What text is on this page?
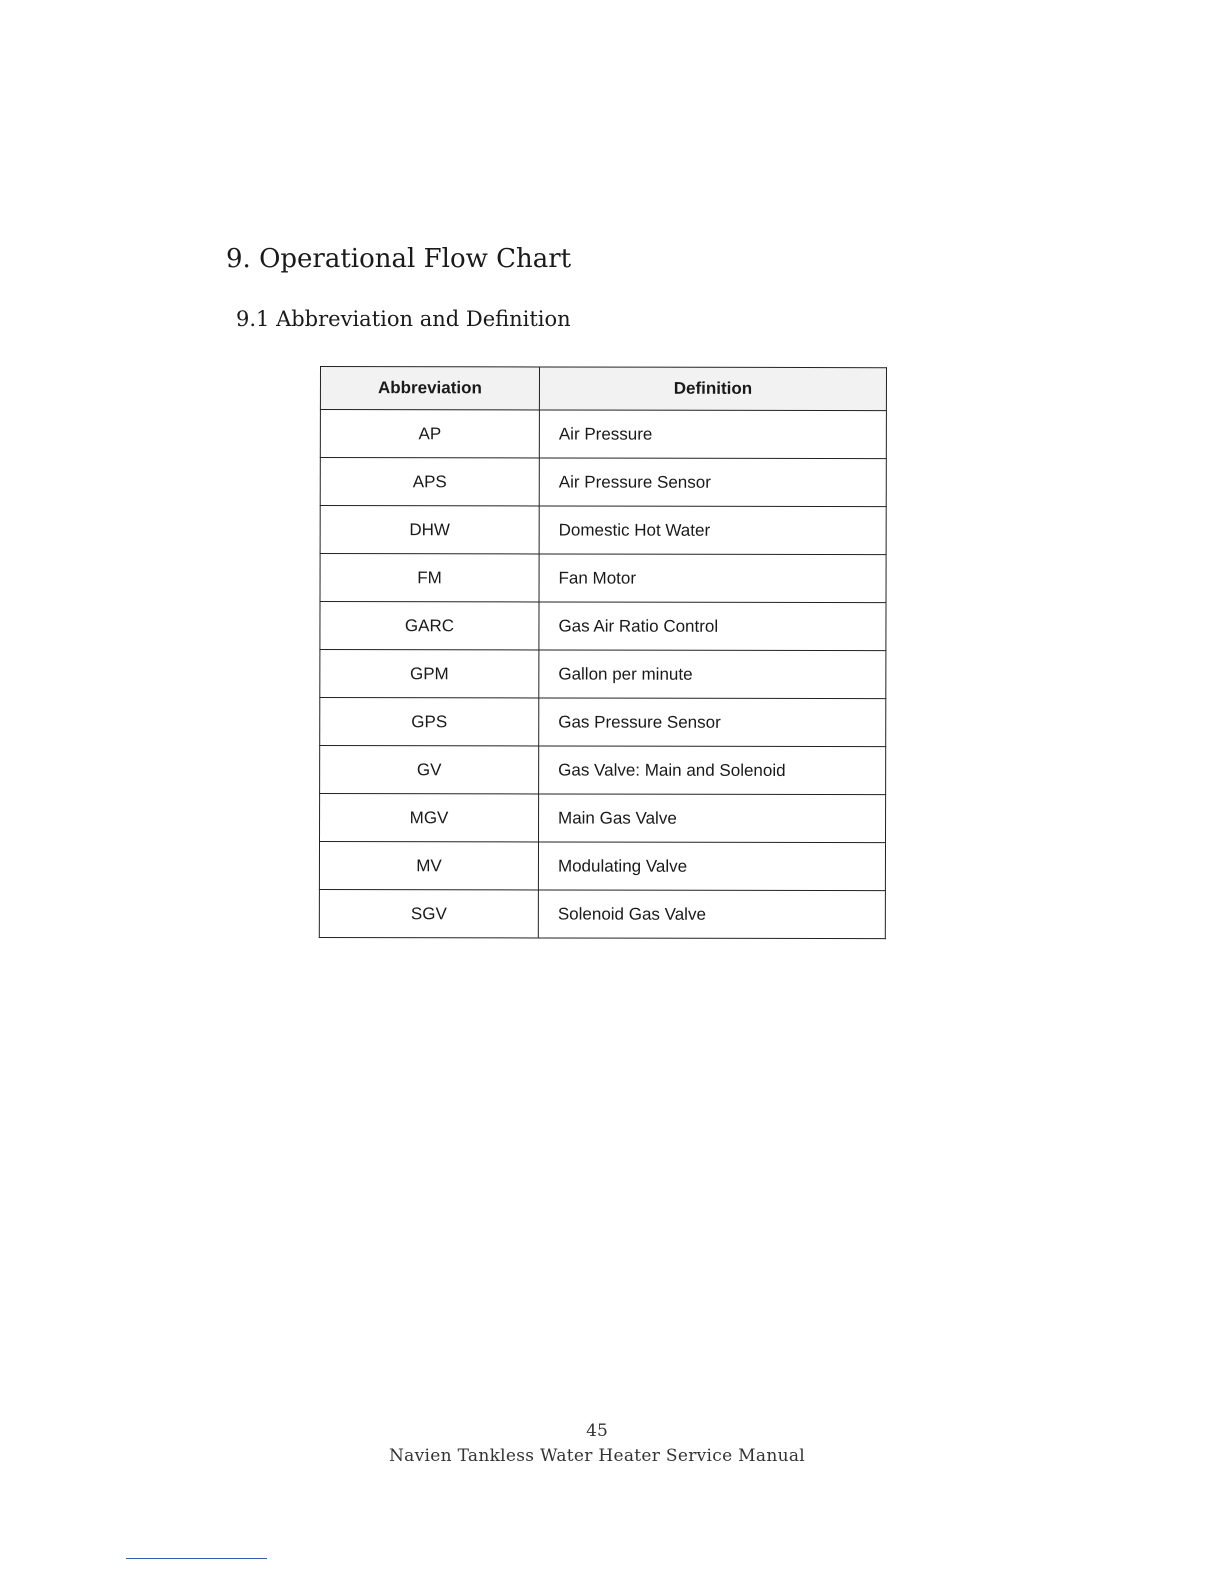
9. Operational Flow Chart
9.1 Abbreviation and Definition
Abbreviation	Definition
AP	Air Pressure
APS	Air Pressure Sensor
DHW	Domestic Hot Water
FM	Fan Motor
GARC	Gas Air Ratio Control
GPM	Gallon per minute
GPS	Gas Pressure Sensor
GV	Gas Valve: Main and Solenoid
MGV	Main Gas Valve
MV	Modulating Valve
SGV	Solenoid Gas Valve
45
Navien Tankless Water Heater Service Manual
